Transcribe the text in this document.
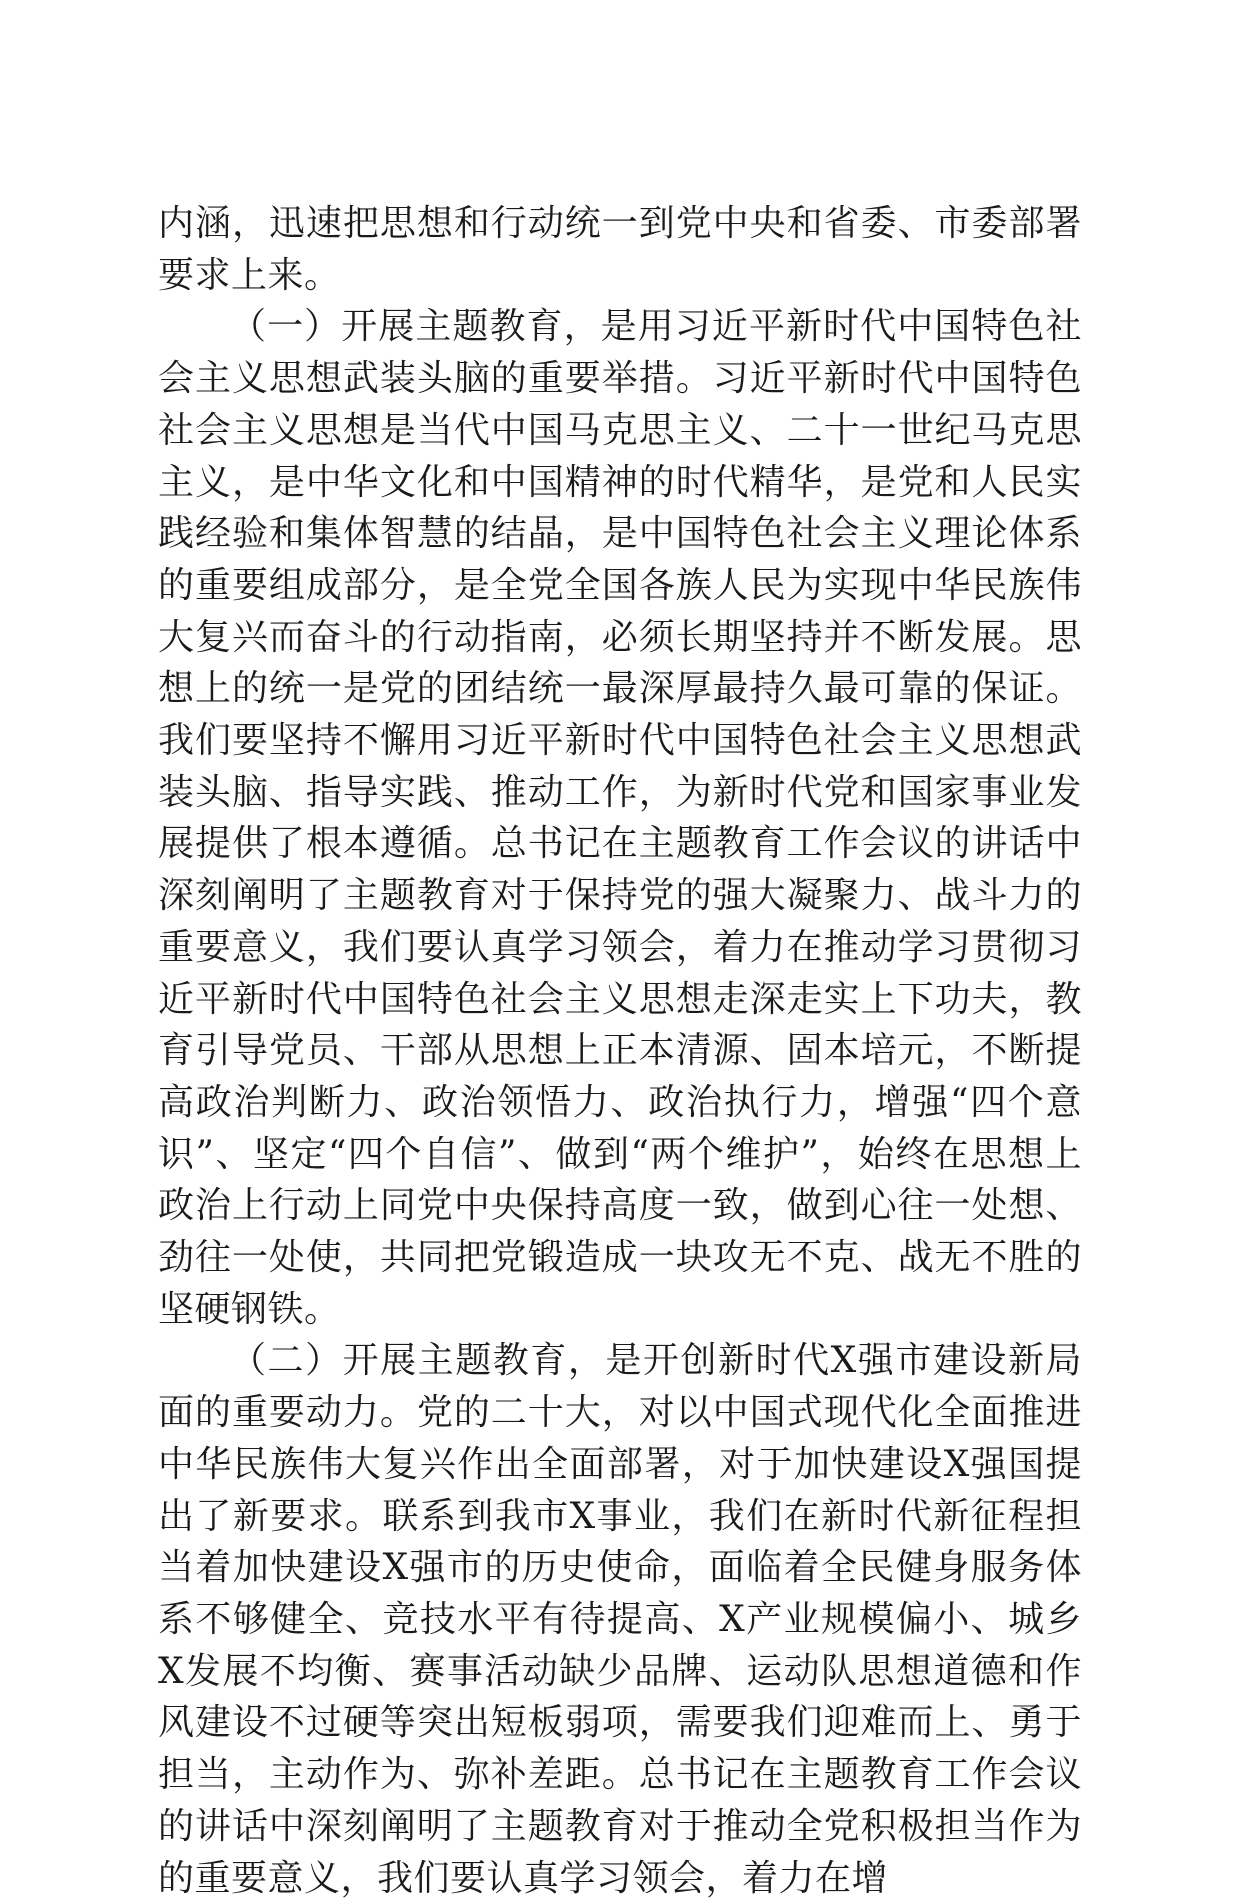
内涵，迅速把思想和行动统一到党中央和省委、市委部署要求上来。

（一）开展主题教育，是用习近平新时代中国特色社会主义思想武装头脑的重要举措。习近平新时代中国特色社会主义思想是当代中国马克思主义、二十一世纪马克思主义，是中华文化和中国精神的时代精华，是党和人民实践经验和集体智慧的结晶，是中国特色社会主义理论体系的重要组成部分，是全党全国各族人民为实现中华民族伟大复兴而奋斗的行动指南，必须长期坚持并不断发展。思想上的统一是党的团结统一最深厚最持久最可靠的保证。我们要坚持不懈用习近平新时代中国特色社会主义思想武装头脑、指导实践、推动工作，为新时代党和国家事业发展提供了根本遵循。总书记在主题教育工作会议的讲话中深刻阐明了主题教育对于保持党的强大凝聚力、战斗力的重要意义，我们要认真学习领会，着力在推动学习贯彻习近平新时代中国特色社会主义思想走深走实上下功夫，教育引导党员、干部从思想上正本清源、固本培元，不断提高政治判断力、政治领悟力、政治执行力，增强“四个意识”、坚定“四个自信”、做到“两个维护”，始终在思想上政治上行动上同党中央保持高度一致，做到心往一处想、劲往一处使，共同把党锻造成一块攻无不克、战无不胜的坚硬钢铁。

（二）开展主题教育，是开创新时代X强市建设新局面的重要动力。党的二十大，对以中国式现代化全面推进中华民族伟大复兴作出全面部署，对于加快建设X强国提出了新要求。联系到我市X事业，我们在新时代新征程担当着加快建设X强市的历史使命，面临着全民健身服务体系不够健全、竞技水平有待提高、X产业规模偏小、城乡X发展不均衡、赛事活动缺少品牌、运动队思想道德和作风建设不过硬等突出短板弱项，需要我们迎难而上、勇于担当，主动作为、弥补差距。总书记在主题教育工作会议的讲话中深刻阐明了主题教育对于推动全党积极担当作为的重要意义，我们要认真学习领会，着力在增
